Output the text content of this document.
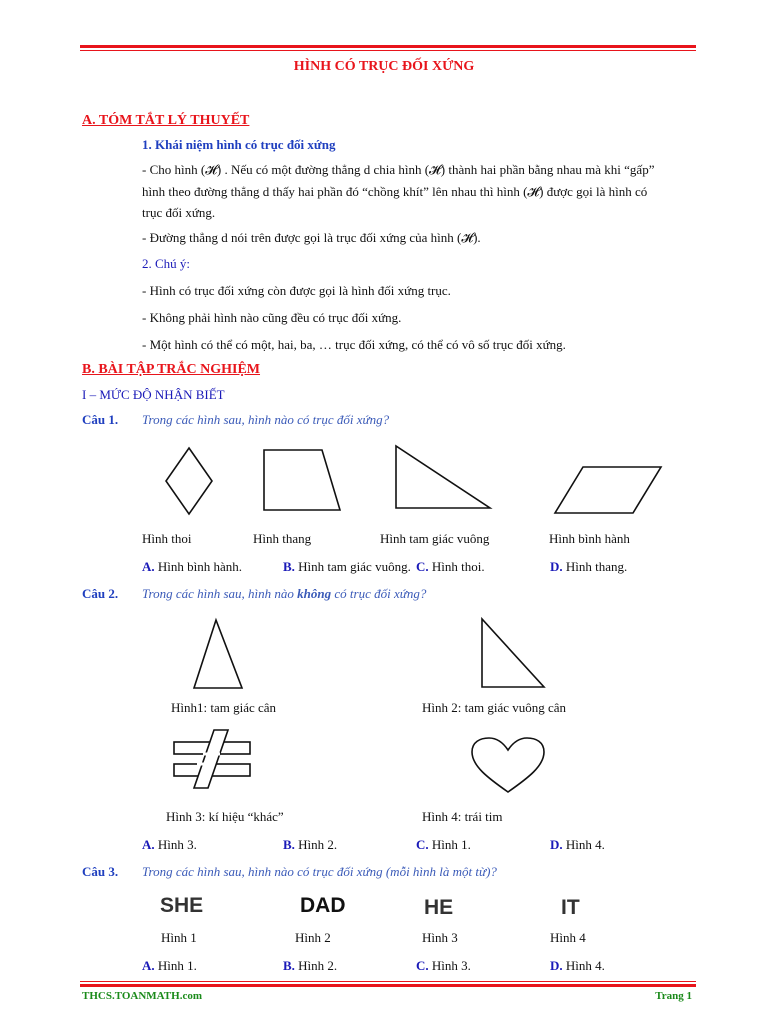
HÌNH CÓ TRỤC ĐỐI XỨNG
A. TÓM TẮT LÝ THUYẾT
1. Khái niệm hình có trục đối xứng
- Cho hình (𝓗) . Nếu có một đường thẳng d chia hình (𝓗) thành hai phần bằng nhau mà khi “gấp”
hình theo đường thẳng d thấy hai phần đó “chồng khít” lên nhau thì hình (𝓗) được gọi là hình có
trục đối xứng.
- Đường thẳng d nói trên được gọi là trục đối xứng của hình (𝓗).
2. Chú ý:
- Hình có trục đối xứng còn được gọi là hình đối xứng trục.
- Không phải hình nào cũng đều có trục đối xứng.
- Một hình có thể có một, hai, ba, … trục đối xứng, có thể có vô số trục đối xứng.
B. BÀI TẬP TRẮC NGHIỆM
I – MỨC ĐỘ NHẬN BIẾT
Câu 1. Trong các hình sau, hình nào có trục đối xứng?
Hình thoi	Hình thang	Hình tam giác vuông	Hình bình hành
A. Hình bình hành.	B. Hình tam giác vuông. C. Hình thoi.	D. Hình thang.
Câu 2. Trong các hình sau, hình nào không có trục đối xứng?
Hình1: tam giác cân	Hình 2: tam giác vuông cân
Hình 3: kí hiệu “khác”	Hình 4: trái tim
A. Hình 3.	B. Hình 2.	C. Hình 1.	D. Hình 4.
Câu 3. Trong các hình sau, hình nào có trục đối xứng (mỗi hình là một từ)?
SHE	DAD	HE	IT
Hình 1	Hình 2	Hình 3	Hình 4
A. Hình 1.	B. Hình 2.	C. Hình 3.	D. Hình 4.
THCS.TOANMATH.com	Trang 1
